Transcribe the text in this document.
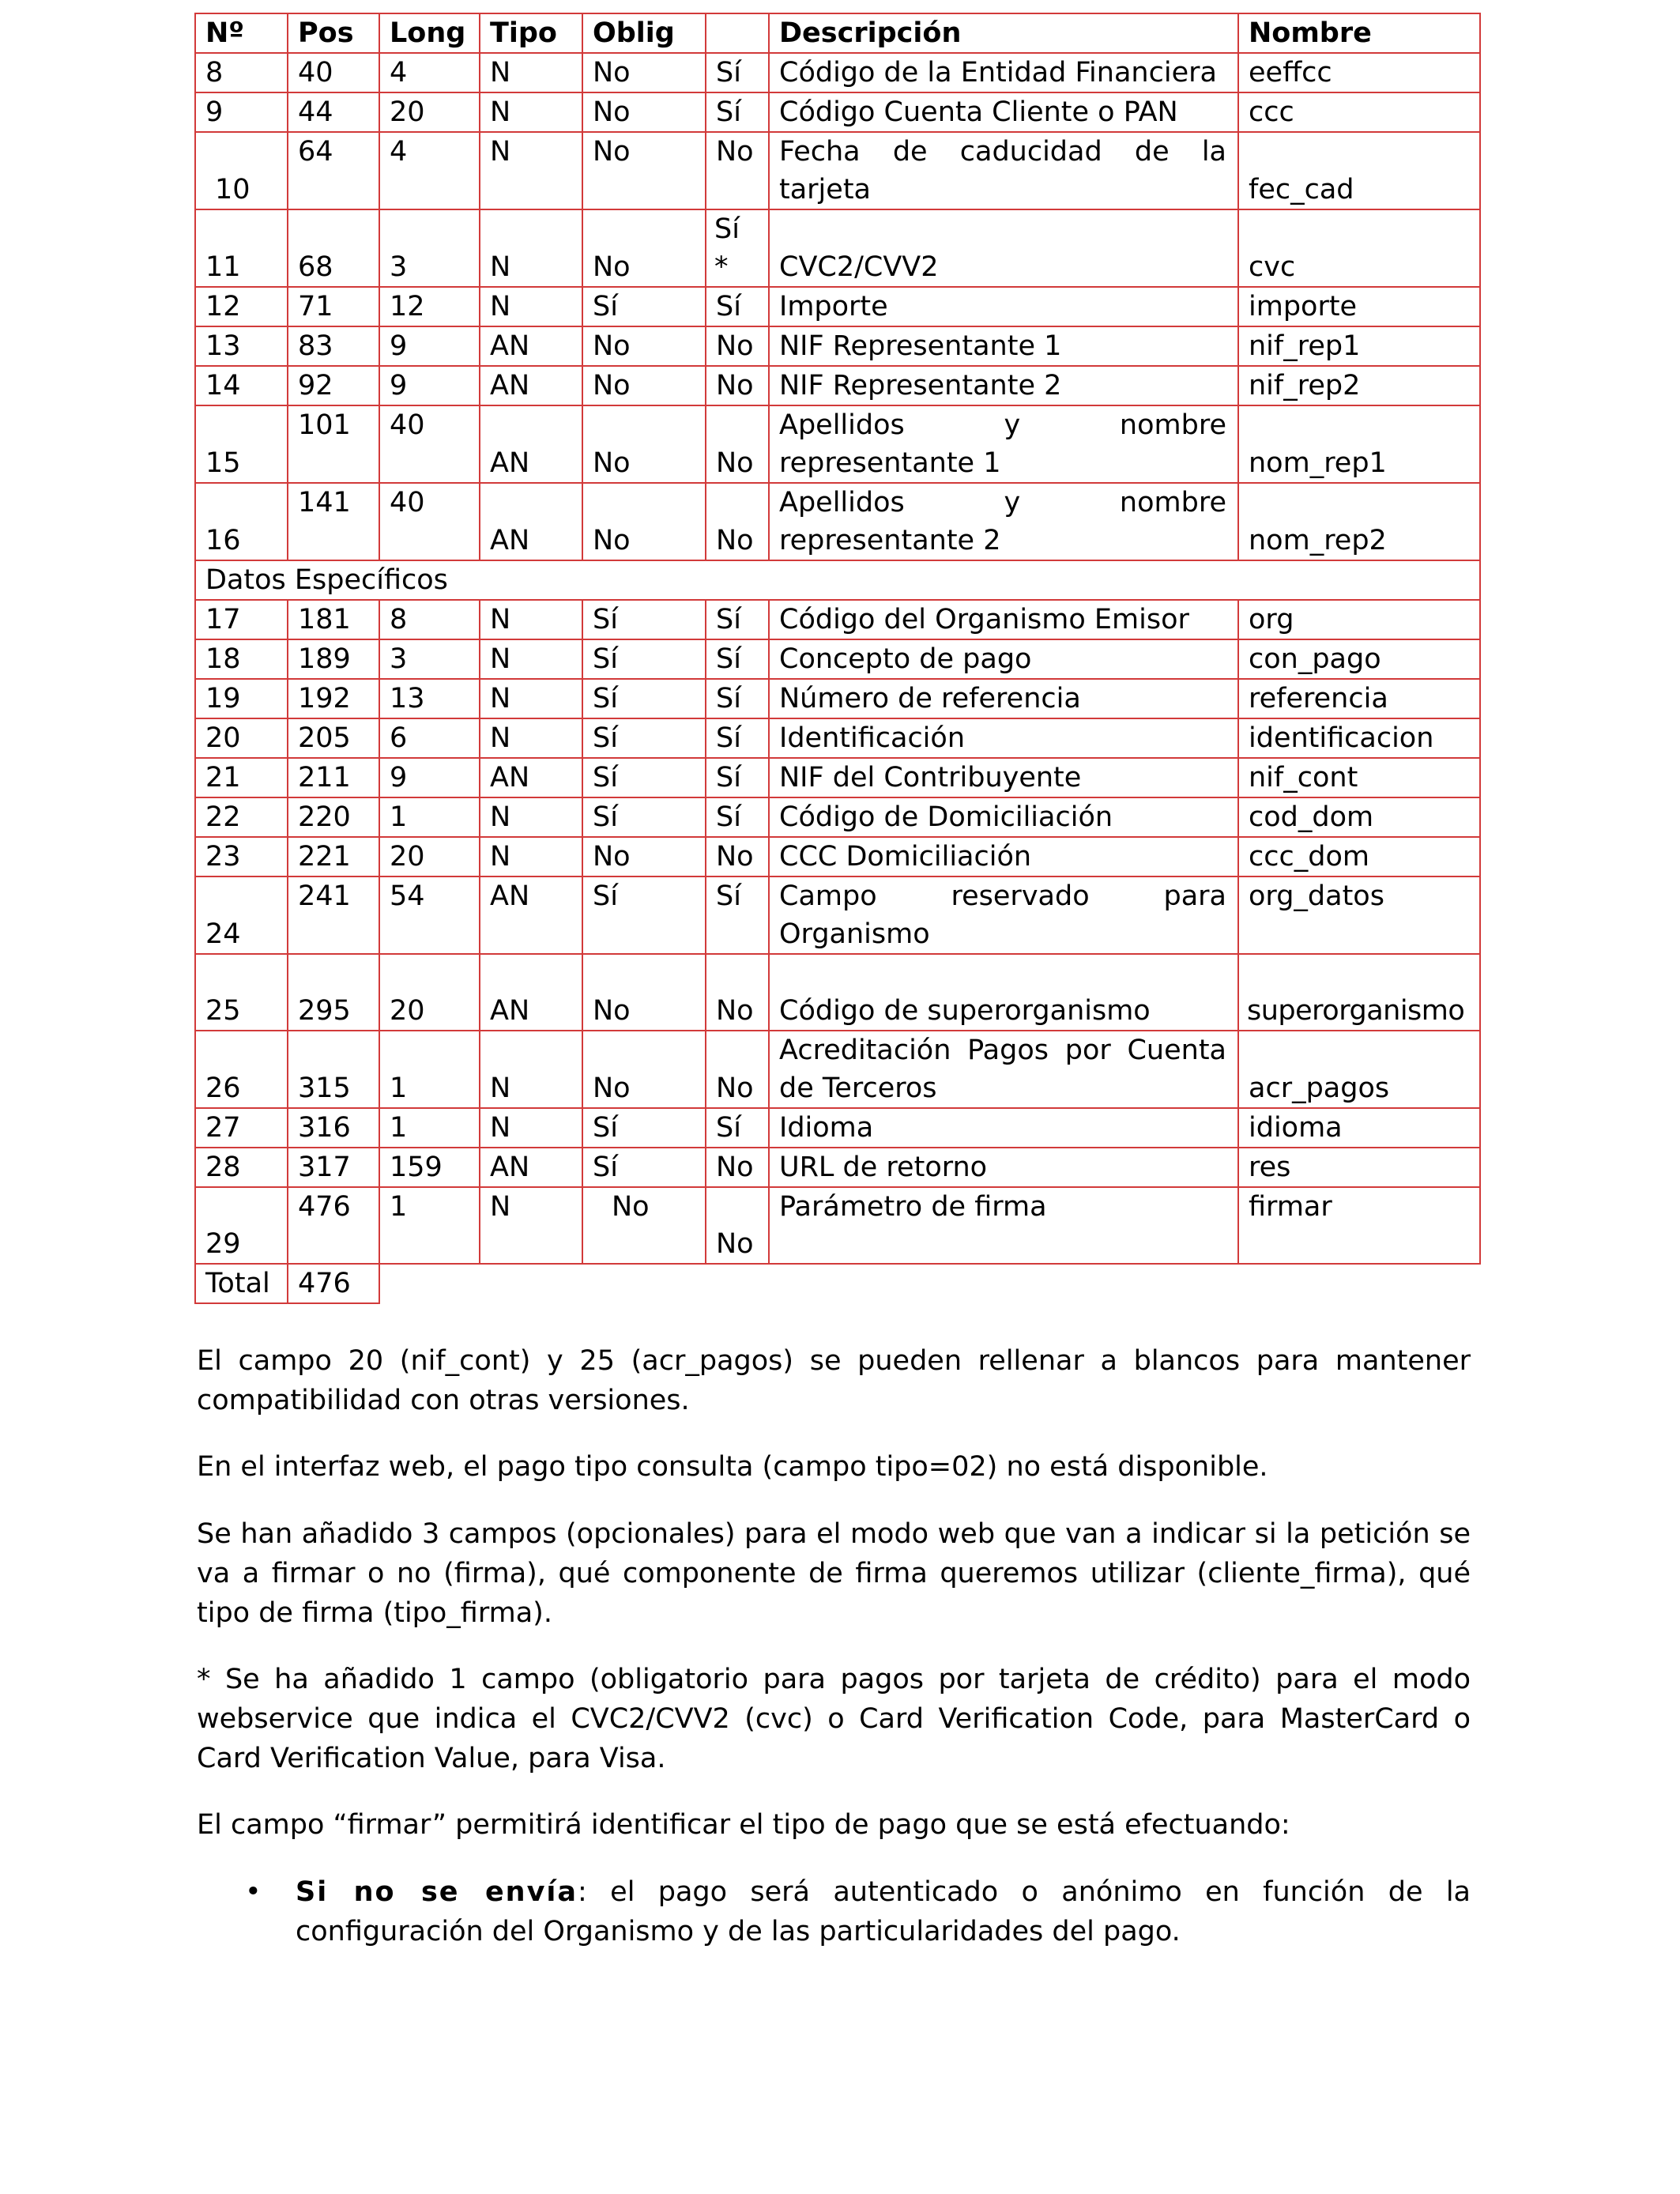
Nº	Pos	Long	Tipo	Oblig		Descripción	Nombre
8	40	4	N	No	Sí	Código de la Entidad Financiera	eeffcc
9	44	20	N	No	Sí	Código Cuenta Cliente o PAN	ccc
10	64	4	N	No	No	Fecha de caducidad de la tarjeta	fec_cad
11	68	3	N	No	Sí *	CVC2/CVV2	cvc
12	71	12	N	Sí	Sí	Importe	importe
13	83	9	AN	No	No	NIF Representante 1	nif_rep1
14	92	9	AN	No	No	NIF Representante 2	nif_rep2
15	101	40	AN	No	No	Apellidos y nombre representante 1	nom_rep1
16	141	40	AN	No	No	Apellidos y nombre representante 2	nom_rep2
Datos Específicos							
17	181	8	N	Sí	Sí	Código del Organismo Emisor	org
18	189	3	N	Sí	Sí	Concepto de pago	con_pago
19	192	13	N	Sí	Sí	Número de referencia	referencia
20	205	6	N	Sí	Sí	Identificación	identificacion
21	211	9	AN	Sí	Sí	NIF del Contribuyente	nif_cont
22	220	1	N	Sí	Sí	Código de Domiciliación	cod_dom
23	221	20	N	No	No	CCC Domiciliación	ccc_dom
24	241	54	AN	Sí	Sí	Campo reservado para Organismo	org_datos
25	295	20	AN	No	No	Código de superorganismo	superorganismo
26	315	1	N	No	No	Acreditación Pagos por Cuenta de Terceros	acr_pagos
27	316	1	N	Sí	Sí	Idioma	idioma
28	317	159	AN	Sí	No	URL de retorno	res
29	476	1	N	No	No	Parámetro de firma	firmar
Total	476						

El campo 20 (nif_cont) y 25 (acr_pagos) se pueden rellenar a blancos para mantener compatibilidad con otras versiones.

En el interfaz web, el pago tipo consulta (campo tipo=02) no está disponible.

Se han añadido 3 campos (opcionales) para el modo web que van a indicar si la petición se va a firmar o no (firma), qué componente de firma queremos utilizar (cliente_firma), qué tipo de firma (tipo_firma).

* Se ha añadido 1 campo (obligatorio para pagos por tarjeta de crédito) para el modo webservice que indica el CVC2/CVV2 (cvc) o Card Verification Code, para MasterCard o Card Verification Value, para Visa.

El campo “firmar” permitirá identificar el tipo de pago que se está efectuando:

• Si no se envía: el pago será autenticado o anónimo en función de la configuración del Organismo y de las particularidades del pago.
